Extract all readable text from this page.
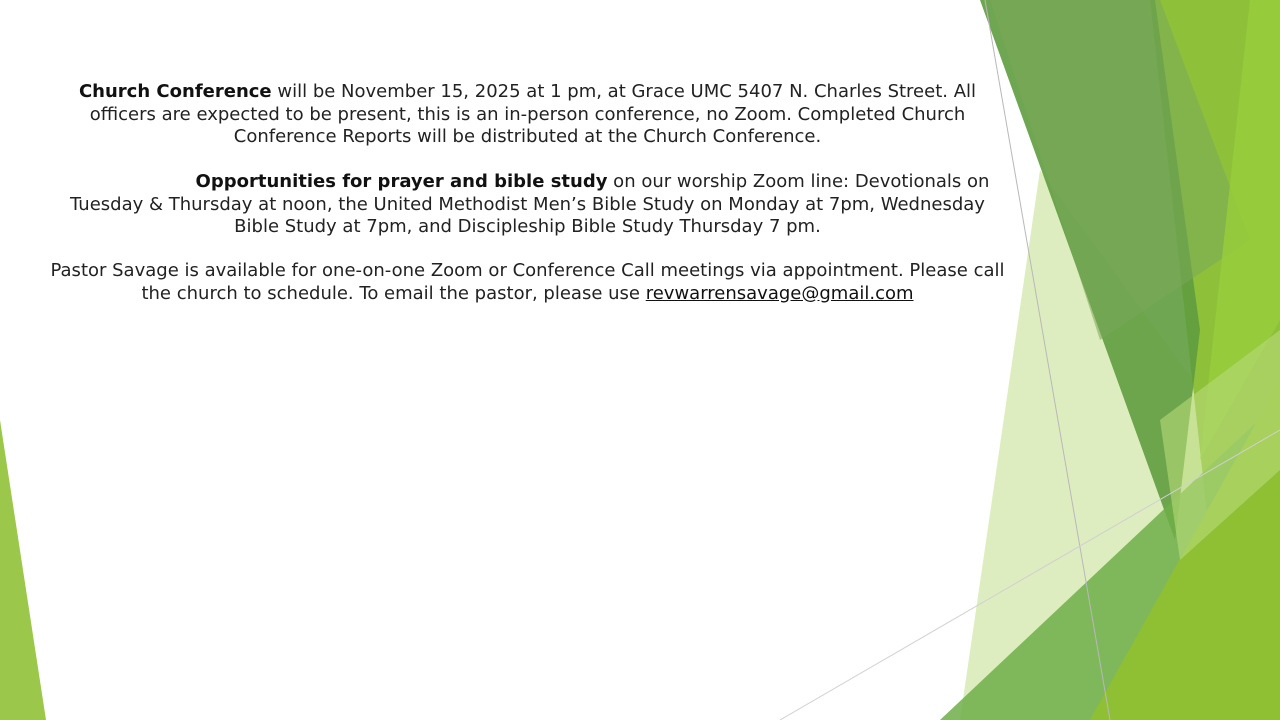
Church Conference will be November 15, 2025 at 1 pm, at Grace UMC 5407 N. Charles Street. All
officers are expected to be present, this is an in-person conference, no Zoom. Completed Church
Conference Reports will be distributed at the Church Conference.

Opportunities for prayer and bible study on our worship Zoom line: Devotionals on
Tuesday & Thursday at noon, the United Methodist Men’s Bible Study on Monday at 7pm, Wednesday
Bible Study at 7pm, and Discipleship Bible Study Thursday 7 pm.

Pastor Savage is available for one-on-one Zoom or Conference Call meetings via appointment. Please call
the church to schedule. To email the pastor, please use revwarrensavage@gmail.com
